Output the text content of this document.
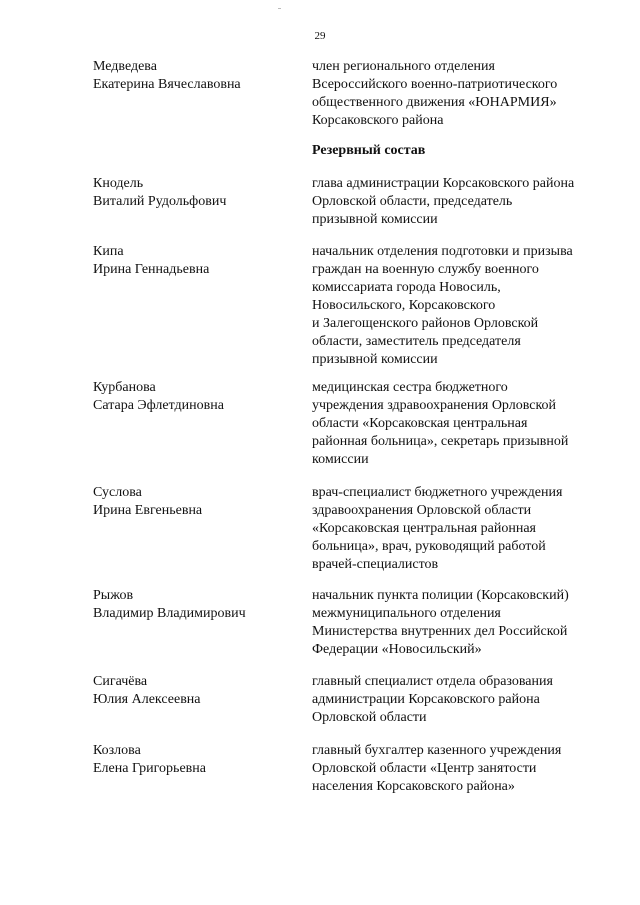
29
Медведева
Екатерина Вячеславовна
член регионального отделения
Всероссийского военно-патриотического
общественного движения «ЮНАРМИЯ»
Корсаковского района
Резервный состав
Кнодель
Виталий Рудольфович
глава администрации Корсаковского района
Орловской области, председатель
призывной комиссии
Кипа
Ирина Геннадьевна
начальник отделения подготовки и призыва
граждан на военную службу военного
комиссариата города Новосиль,
Новосильского, Корсаковского
и Залегощенского районов Орловской
области, заместитель председателя
призывной комиссии
Курбанова
Сатара Эфлетдиновна
медицинская сестра бюджетного
учреждения здравоохранения Орловской
области «Корсаковская центральная
районная больница», секретарь призывной
комиссии
Суслова
Ирина Евгеньевна
врач-специалист бюджетного учреждения
здравоохранения Орловской области
«Корсаковская центральная районная
больница», врач, руководящий работой
врачей-специалистов
Рыжов
Владимир Владимирович
начальник пункта полиции (Корсаковский)
межмуниципального отделения
Министерства внутренних дел Российской
Федерации «Новосильский»
Сигачёва
Юлия Алексеевна
главный специалист отдела образования
администрации Корсаковского района
Орловской области
Козлова
Елена Григорьевна
главный бухгалтер казенного учреждения
Орловской области «Центр занятости
населения Корсаковского района»
